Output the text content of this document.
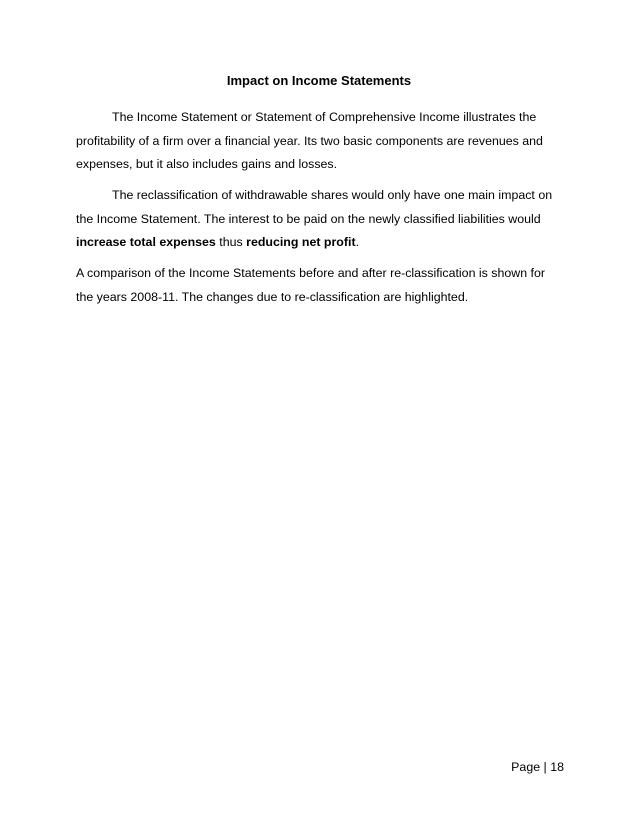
Impact on Income Statements

The Income Statement or Statement of Comprehensive Income illustrates the profitability of a firm over a financial year. Its two basic components are revenues and expenses, but it also includes gains and losses.

The reclassification of withdrawable shares would only have one main impact on the Income Statement. The interest to be paid on the newly classified liabilities would increase total expenses thus reducing net profit.

A comparison of the Income Statements before and after re-classification is shown for the years 2008-11. The changes due to re-classification are highlighted.

Page | 18
